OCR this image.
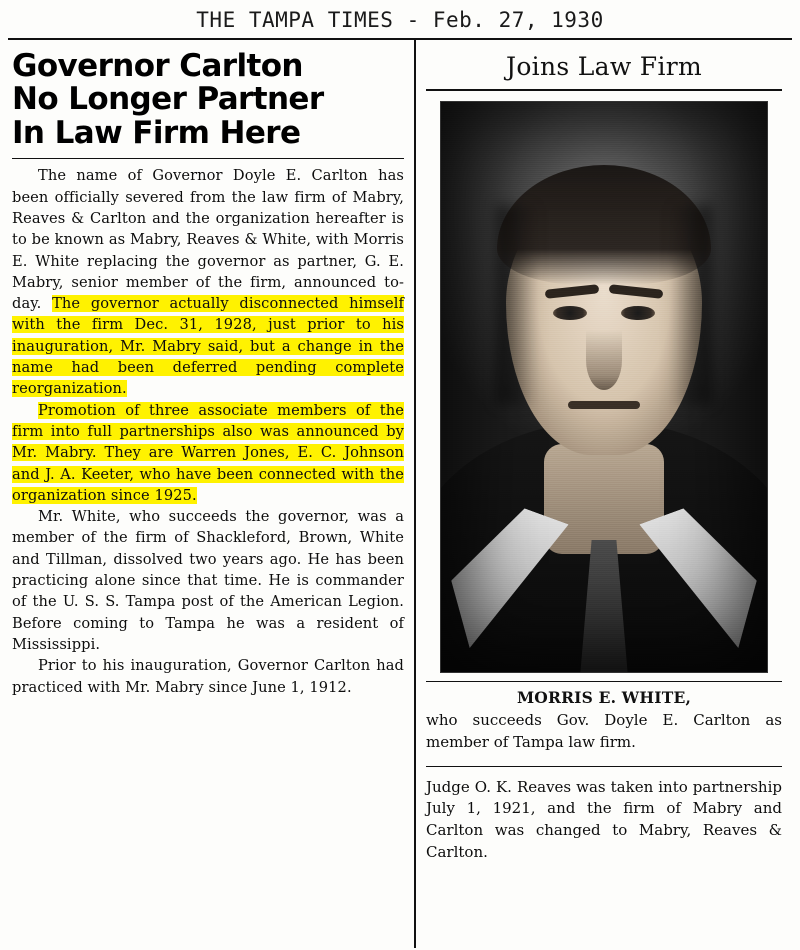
THE TAMPA TIMES - Feb. 27, 1930
Governor Carlton
No Longer Partner
In Law Firm Here

The name of Governor Doyle E. Carlton has been officially severed from the law firm of Mabry, Reaves & Carlton and the organization hereafter is to be known as Mabry, Reaves & White, with Morris E. White replacing the governor as partner, G. E. Mabry, senior member of the firm, announced to-day. The governor actually disconnected himself with the firm Dec. 31, 1928, just prior to his inauguration, Mr. Mabry said, but a change in the name had been deferred pending complete reorganization.

Promotion of three associate members of the firm into full partnerships also was announced by Mr. Mabry. They are Warren Jones, E. C. Johnson and J. A. Keeter, who have been connected with the organization since 1925.

Mr. White, who succeeds the governor, was a member of the firm of Shackleford, Brown, White and Tillman, dissolved two years ago. He has been practicing alone since that time. He is commander of the U. S. S. Tampa post of the American Legion. Before coming to Tampa he was a resident of Mississippi.

Prior to his inauguration, Governor Carlton had practiced with Mr. Mabry since June 1, 1912.

Joins Law Firm
MORRIS E. WHITE,
who succeeds Gov. Doyle E. Carlton as member of Tampa law firm.
Judge O. K. Reaves was taken into partnership July 1, 1921, and the firm of Mabry and Carlton was changed to Mabry, Reaves & Carlton.
